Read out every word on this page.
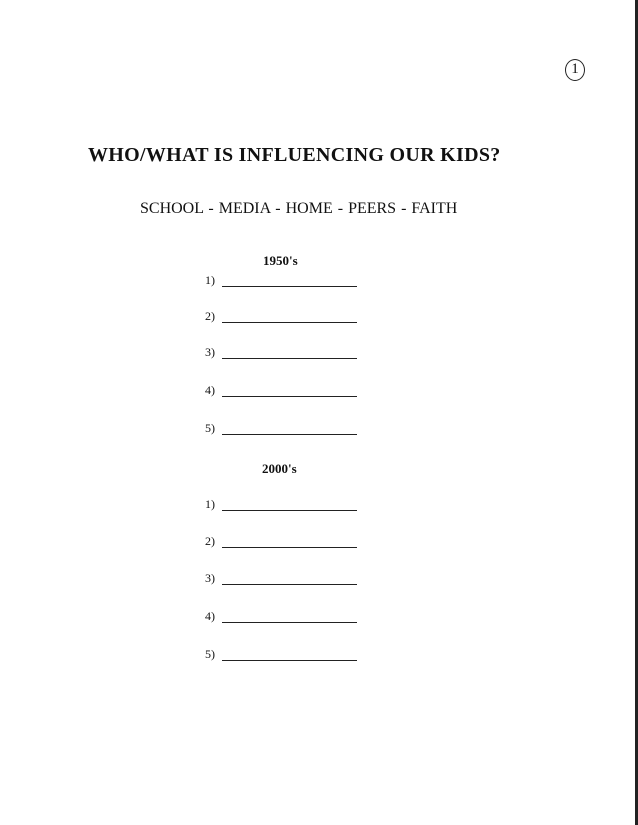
1
WHO/WHAT IS INFLUENCING OUR KIDS?
SCHOOL - MEDIA - HOME - PEERS - FAITH
1950's
1)
2)
3)
4)
5)
2000's
1)
2)
3)
4)
5)
